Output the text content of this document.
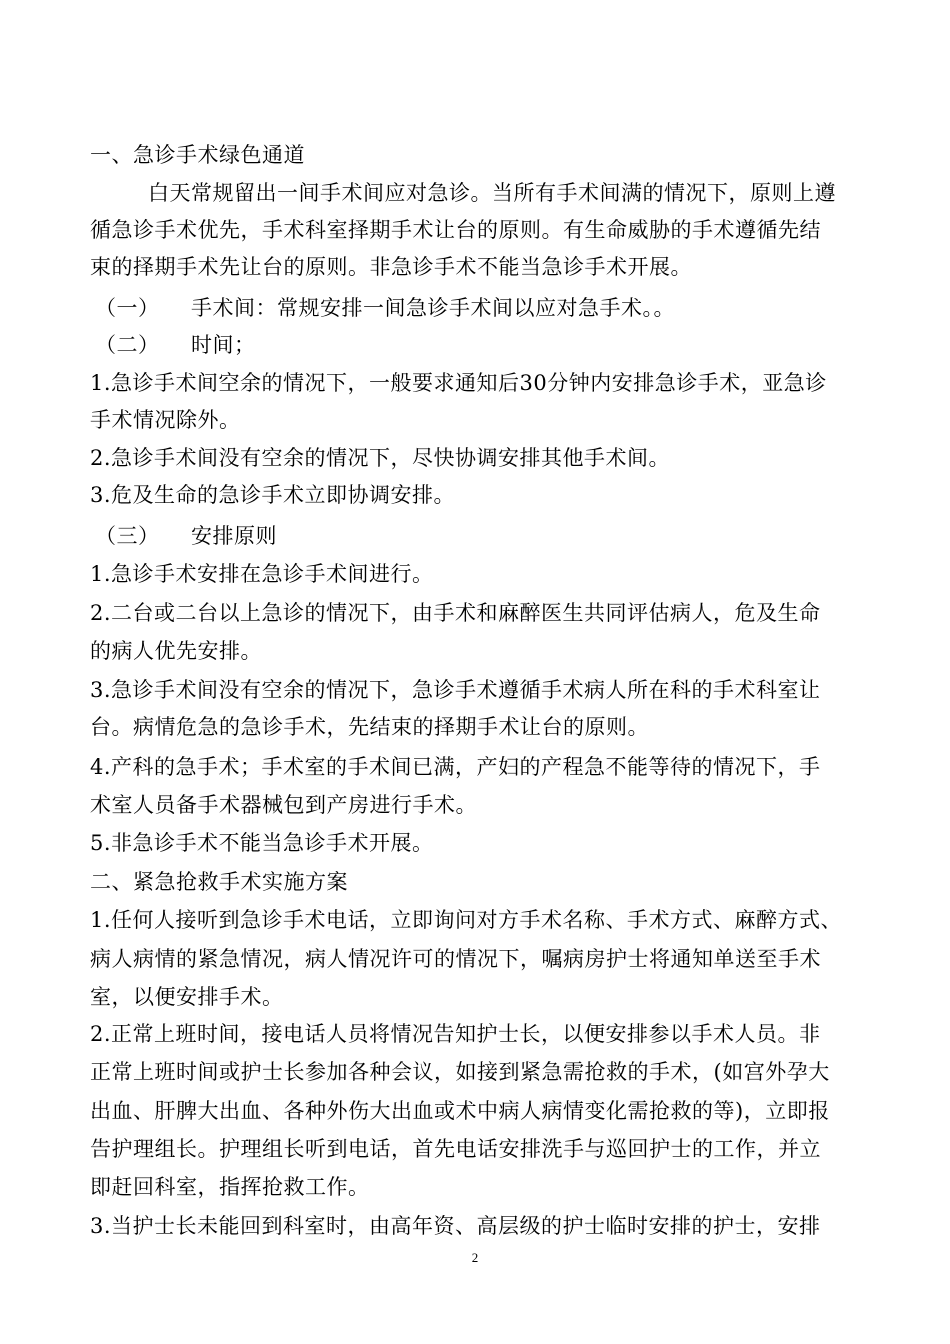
一、急诊手术绿色通道
白天常规留出一间手术间应对急诊。当所有手术间满的情况下，原则上遵
循急诊手术优先，手术科室择期手术让台的原则。有生命威胁的手术遵循先结
束的择期手术先让台的原则。非急诊手术不能当急诊手术开展。
（一） 手术间：常规安排一间急诊手术间以应对急手术。。
（二） 时间；
1.急诊手术间空余的情况下，一般要求通知后30分钟内安排急诊手术，亚急诊
手术情况除外。
2.急诊手术间没有空余的情况下，尽快协调安排其他手术间。
3.危及生命的急诊手术立即协调安排。
（三） 安排原则
1.急诊手术安排在急诊手术间进行。
2.二台或二台以上急诊的情况下，由手术和麻醉医生共同评估病人，危及生命
的病人优先安排。
3.急诊手术间没有空余的情况下，急诊手术遵循手术病人所在科的手术科室让
台。病情危急的急诊手术，先结束的择期手术让台的原则。
4.产科的急手术；手术室的手术间已满，产妇的产程急不能等待的情况下，手
术室人员备手术器械包到产房进行手术。
5.非急诊手术不能当急诊手术开展。
二、紧急抢救手术实施方案
1.任何人接听到急诊手术电话，立即询问对方手术名称、手术方式、麻醉方式、
病人病情的紧急情况，病人情况许可的情况下，嘱病房护士将通知单送至手术
室，以便安排手术。
2.正常上班时间，接电话人员将情况告知护士长，以便安排参以手术人员。非
正常上班时间或护士长参加各种会议，如接到紧急需抢救的手术，(如宫外孕大
出血、肝脾大出血、各种外伤大出血或术中病人病情变化需抢救的等)，立即报
告护理组长。护理组长听到电话，首先电话安排洗手与巡回护士的工作，并立
即赶回科室，指挥抢救工作。
3.当护士长未能回到科室时，由高年资、高层级的护士临时安排的护士，安排
2
